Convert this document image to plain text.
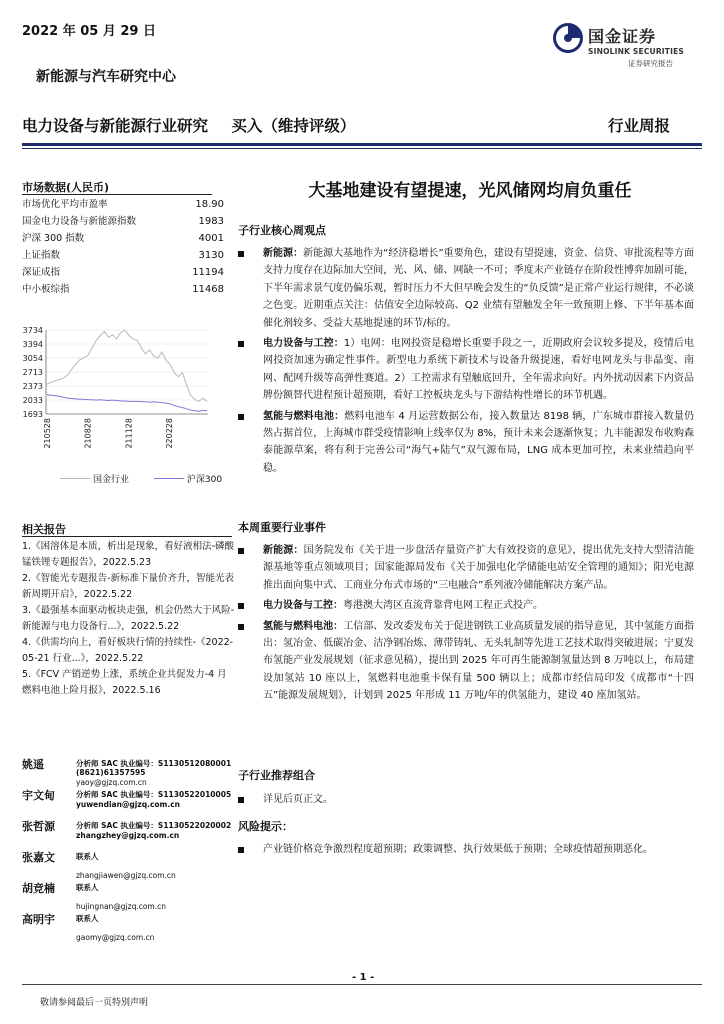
2022 年 05 月 29 日	国金证券
SINOLINK SECURITIES
证券研究报告
新能源与汽车研究中心
电力设备与新能源行业研究 买入（维持评级）	行业周报
市场数据(人民币)
市场优化平均市盈率	18.90
国金电力设备与新能源指数	1983
沪深 300 指数	4001
上证指数	3130
深证成指	11194
中小板综指	11468
3734
3394
3054
2713
2373
2033
1693
210528	210828	211128	220228
国金行业
	沪深300
相关报告
1.《困溶体是本质，析出是现象，看好液相法-磷酸锰铁锂专题报告》，2022.5.23
2.《智能光专题报告-新标准下量价齐升，智能光表新周期开启》，2022.5.22
3.《最强基本面驱动板块走强，机会仍然大于风险-新能源与电力设备行...》，2022.5.22
4.《供需均向上，看好板块行情的持续性-《2022-05-21 行业...》，2022.5.22
5.《FCV 产销逆势上涨，系统企业共促发力-4 月燃料电池上险月报》，2022.5.16
姚遥	分析师 SAC 执业编号：S1130512080001
(8621)61357595
yaoy@gjzq.com.cn
宇文甸	分析师 SAC 执业编号：S1130522010005
yuwendian@gjzq.com.cn
张哲源	分析师 SAC 执业编号：S1130522020002
zhangzhey@gjzq.com.cn
张嘉文	联系人
zhangjiawen@gjzq.com.cn
胡竞楠	联系人
hujingnan@gjzq.com.cn
高明宇	联系人
gaomy@gjzq.com.cn
大基地建设有望提速，光风储网均肩负重任
子行业核心周观点
新能源：新能源大基地作为“经济稳增长”重要角色，建设有望提速，资金、信贷、审批流程等方面支持力度存在边际加大空间，光、风、储、网缺一不可；季度末产业链存在阶段性博弈加剧可能，下半年需求景气度仍偏乐观，暂时压力不大但早晚会发生的“负反馈”是正常产业运行规律，不必谈之色变。近期重点关注：估值安全边际较高、Q2 业绩有望触发全年一致预期上修、下半年基本面催化剂较多、受益大基地提速的环节/标的。
电力设备与工控：1）电网：电网投资是稳增长重要手段之一，近期政府会议较多提及，疫情后电网投资加速为确定性事件。新型电力系统下新技术与设备升级提速，看好电网龙头与非晶变、南网、配网升级等高弹性赛道。2）工控需求有望触底回升，全年需求向好。内外扰动因素下内资品牌份额替代进程预计超预期，看好工控板块龙头与下游结构性增长的环节机遇。
氢能与燃料电池：燃料电池车 4 月运营数据公布，接入数量达 8198 辆，广东城市群接入数量仍然占据首位，上海城市群受疫情影响上线率仅为 8%，预计未来会逐渐恢复；九丰能源发布收购森泰能源草案，将有利于完善公司“海气+陆气”双气源布局，LNG 成本更加可控，未来业绩趋向平稳。
本周重要行业事件
新能源：国务院发布《关于进一步盘活存量资产扩大有效投资的意见》，提出优先支持大型清洁能源基地等重点领域项目；国家能源局发布《关于加强电化学储能电站安全管理的通知》；阳光电源推出面向集中式、工商业分布式市场的“三电融合”系列液冷储能解决方案产品。
电力设备与工控：粤港澳大湾区直流背靠背电网工程正式投产。
氢能与燃料电池：工信部、发改委发布关于促进钢铁工业高质量发展的指导意见，其中氢能方面指出：氢冶金、低碳冶金、洁净钢冶炼、薄带铸轧、无头轧制等先进工艺技术取得突破进展；宁夏发布氢能产业发展规划（征求意见稿），提出到 2025 年可再生能源制氢量达到 8 万吨以上，布局建设加氢站 10 座以上，氢燃料电池重卡保有量 500 辆以上；成都市经信局印发《成都市“十四五”能源发展规划》，计划到 2025 年形成 11 万吨/年的供氢能力，建设 40 座加氢站。
子行业推荐组合
详见后页正文。
风险提示：
产业链价格竞争激烈程度超预期；政策调整、执行效果低于预期；全球疫情超预期恶化。
- 1 -
敬请参阅最后一页特别声明
